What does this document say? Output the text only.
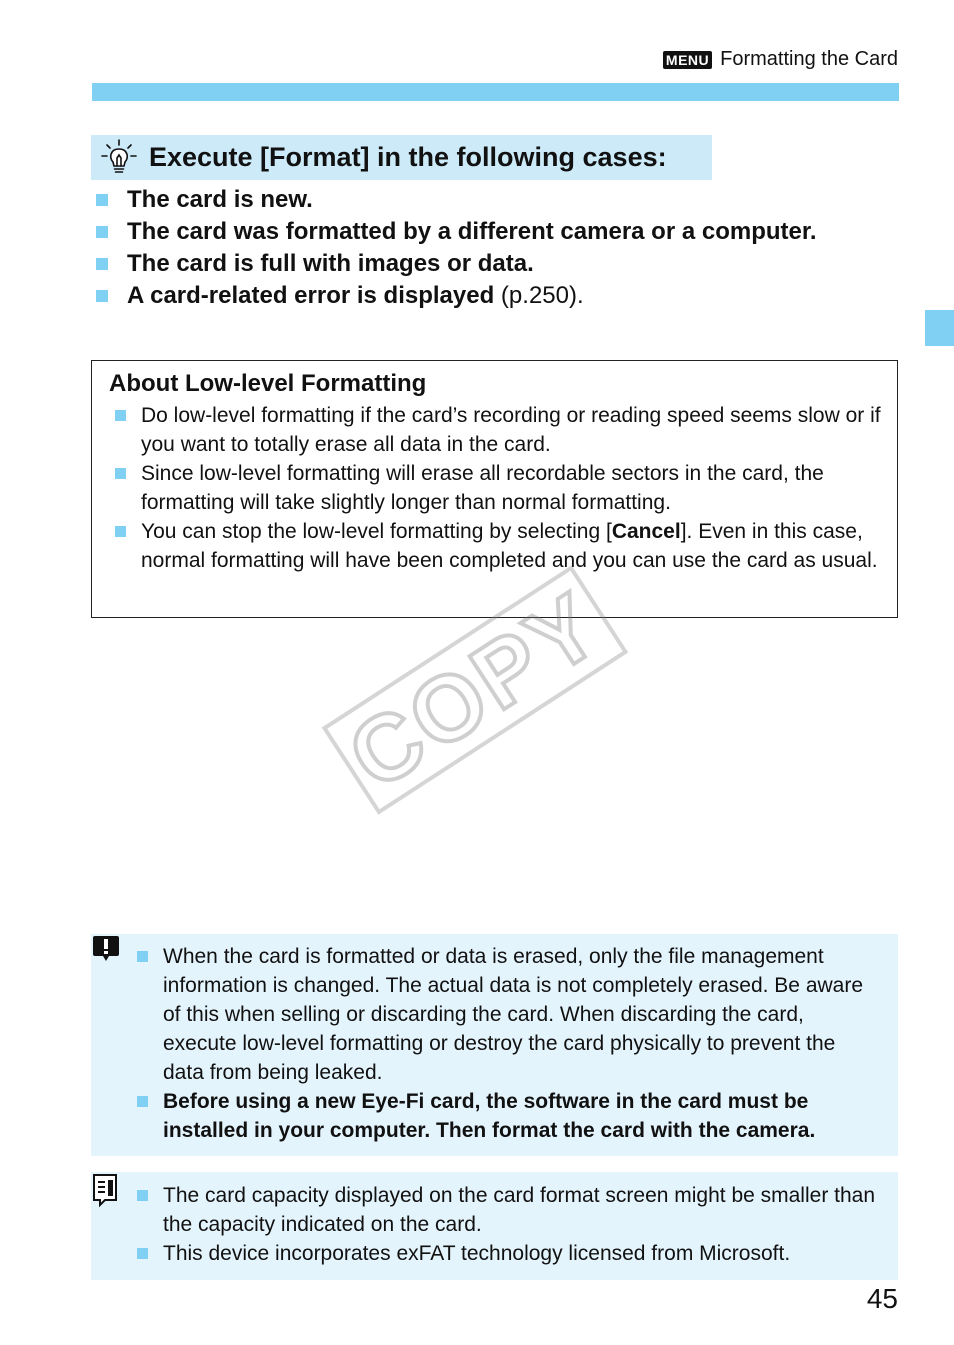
MENU Formatting the Card
Execute [Format] in the following cases:
The card is new.
The card was formatted by a different camera or a computer.
The card is full with images or data.
A card-related error is displayed (p.250).
About Low-level Formatting
Do low-level formatting if the card’s recording or reading speed seems slow or if you want to totally erase all data in the card.
Since low-level formatting will erase all recordable sectors in the card, the formatting will take slightly longer than normal formatting.
You can stop the low-level formatting by selecting [Cancel]. Even in this case, normal formatting will have been completed and you can use the card as usual.
COPY
When the card is formatted or data is erased, only the file management information is changed. The actual data is not completely erased. Be aware of this when selling or discarding the card. When discarding the card, execute low-level formatting or destroy the card physically to prevent the data from being leaked.
Before using a new Eye-Fi card, the software in the card must be installed in your computer. Then format the card with the camera.
The card capacity displayed on the card format screen might be smaller than the capacity indicated on the card.
This device incorporates exFAT technology licensed from Microsoft.
45
